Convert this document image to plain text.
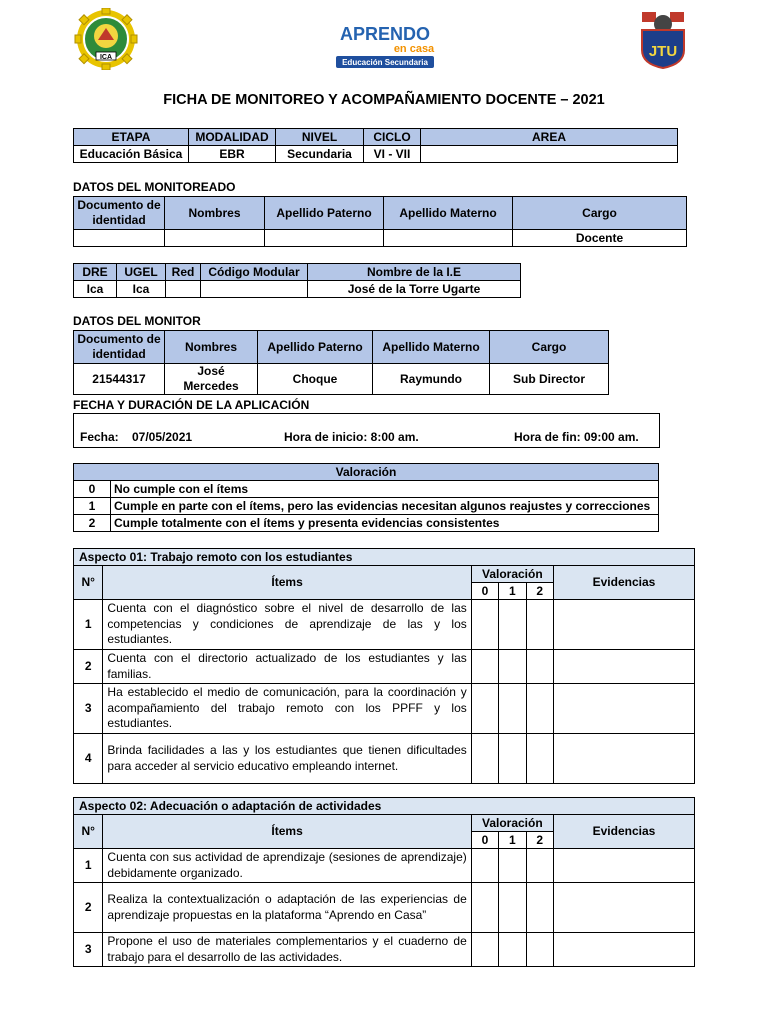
ICA
APRENDO
en casa
Educación Secundaria
JTU
FICHA DE MONITOREO Y ACOMPAÑAMIENTO DOCENTE – 2021
ETAPA	MODALIDAD	NIVEL	CICLO	AREA
Educación Básica	EBR	Secundaria	VI - VII	
DATOS DEL MONITOREADO
Documento de identidad	Nombres	Apellido Paterno	Apellido Materno	Cargo
				Docente
DRE	UGEL	Red	Código Modular	Nombre de la I.E
Ica	Ica			José de la Torre Ugarte
DATOS DEL MONITOR
Documento de identidad	Nombres	Apellido Paterno	Apellido Materno	Cargo
21544317	José Mercedes	Choque	Raymundo	Sub Director
FECHA Y DURACIÓN DE LA APLICACIÓN
Fecha: 07/05/2021	Hora de inicio: 8:00 am.	Hora de fin: 09:00 am.
Valoración	
0	No cumple con el ítems
1	Cumple en parte con el ítems, pero las evidencias necesitan algunos reajustes y correcciones
2	Cumple totalmente con el ítems y presenta evidencias consistentes
Aspecto 01: Trabajo remoto con los estudiantes					
N°	Ítems	Valoración			Evidencias
		0	1	2	
1	Cuenta con el diagnóstico sobre el nivel de desarrollo de las competencias y condiciones de aprendizaje de las y los estudiantes.				
2	Cuenta con el directorio actualizado de los estudiantes y las familias.				
3	Ha establecido el medio de comunicación, para la coordinación y acompañamiento del trabajo remoto con los PPFF y los estudiantes.				
4	Brinda facilidades a las y los estudiantes que tienen dificultades para acceder al servicio educativo empleando internet.				
Aspecto 02: Adecuación o adaptación de actividades					
N°	Ítems	Valoración			Evidencias
		0	1	2	
1	Cuenta con sus actividad de aprendizaje (sesiones de aprendizaje) debidamente organizado.				
2	Realiza la contextualización o adaptación de las experiencias de aprendizaje propuestas en la plataforma “Aprendo en Casa”				
3	Propone el uso de materiales complementarios y el cuaderno de trabajo para el desarrollo de las actividades.				
